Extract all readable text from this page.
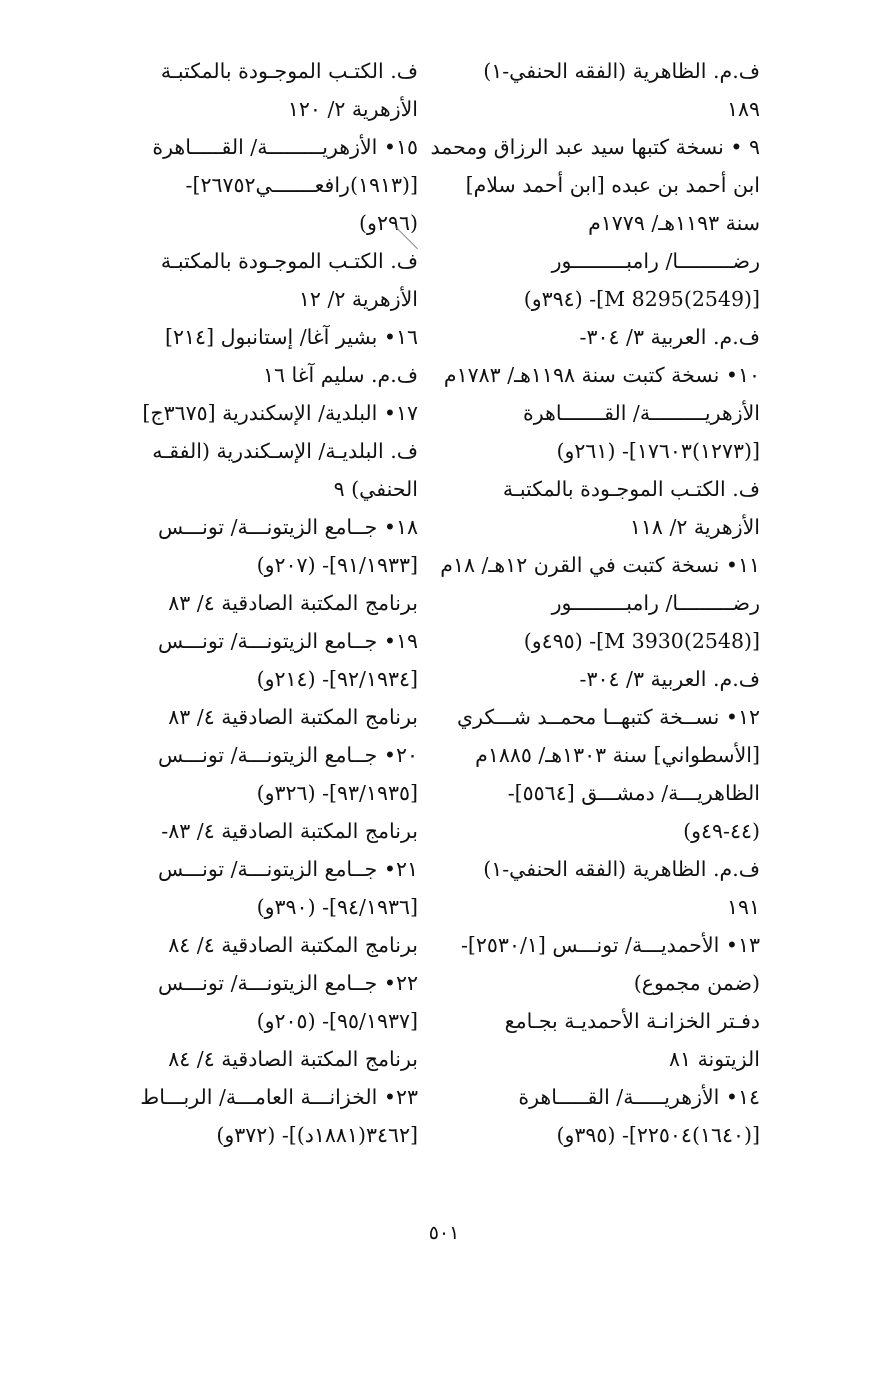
ف.م. الظاهرية (الفقه الحنفي-١)
١٨٩
٩ • نسخة كتبها سيد عبد الرزاق ومحمد
ابن أحمد بن عبده [ابن أحمد سلام]
سنة ١١٩٣هـ/ ١٧٧٩م
رضـــــــــا/ رامبـــــــــور
[M 8295(2549)]- (٣٩٤و)
ف.م. العربية ٣/ ٣٠٤-
١٠• نسخة كتبت سنة ١١٩٨هـ/ ١٧٨٣م
الأزهريـــــــــة/ القـــــــاهرة
[(١٢٧٣)١٧٦٠٣]- (٢٦١و)
ف. الكتـب الموجـودة بالمكتبـة
الأزهرية ٢/ ١١٨
١١• نسخة كتبت في القرن ١٢هـ/ ١٨م
رضـــــــــا/ رامبـــــــــور
[M 3930(2548)]- (٤٩٥و)
ف.م. العربية ٣/ ٣٠٤-
١٢• نســخة كتبهــا محمــد شـــكري
[الأسطواني] سنة ١٣٠٣هـ/ ١٨٨٥م
الظاهريـــة/ دمشـــق [٥٥٦٤]-
(٤٤-٤٩و)
ف.م. الظاهرية (الفقه الحنفي-١)
١٩١
١٣• الأحمديـــة/ تونـــس [٢٥٣٠/١]-
(ضمن مجموع)
دفـتر الخزانـة الأحمديـة بجـامع
الزيتونة ٨١
١٤• الأزهريـــــة/ القـــــاهرة
[(١٦٤٠)٢٢٥٠٤]- (٣٩٥و)
ف. الكتـب الموجـودة بالمكتبـة
الأزهرية ٢/ ١٢٠
١٥• الأزهريـــــــــة/ القـــــاهرة
[(١٩١٣)رافعـــــــي٢٦٧٥٢]-
(٢٩٦و)
ف. الكتـب الموجـودة بالمكتبـة
الأزهرية ٢/ ١٢
١٦• بشير آغا/ إستانبول [٢١٤]
ف.م. سليم آغا ١٦
١٧• البلدية/ الإسكندرية [٣٦٧٥ج]
ف. البلديـة/ الإسـكندرية (الفقـه
الحنفي) ٩
١٨• جــامع الزيتونـــة/ تونـــس
[٩١/١٩٣٣]- (٢٠٧و)
برنامج المكتبة الصادقية ٤/ ٨٣
١٩• جــامع الزيتونـــة/ تونـــس
[٩٢/١٩٣٤]- (٢١٤و)
برنامج المكتبة الصادقية ٤/ ٨٣
٢٠• جــامع الزيتونـــة/ تونـــس
[٩٣/١٩٣٥]- (٣٢٦و)
برنامج المكتبة الصادقية ٤/ ٨٣-
٢١• جــامع الزيتونـــة/ تونـــس
[٩٤/١٩٣٦]- (٣٩٠و)
برنامج المكتبة الصادقية ٤/ ٨٤
٢٢• جــامع الزيتونـــة/ تونـــس
[٩٥/١٩٣٧]- (٢٠٥و)
برنامج المكتبة الصادقية ٤/ ٨٤
٢٣• الخزانـــة العامـــة/ الربـــاط
[٣٤٦٢(١٨٨١د)]- (٣٧٢و)
٥٠١
